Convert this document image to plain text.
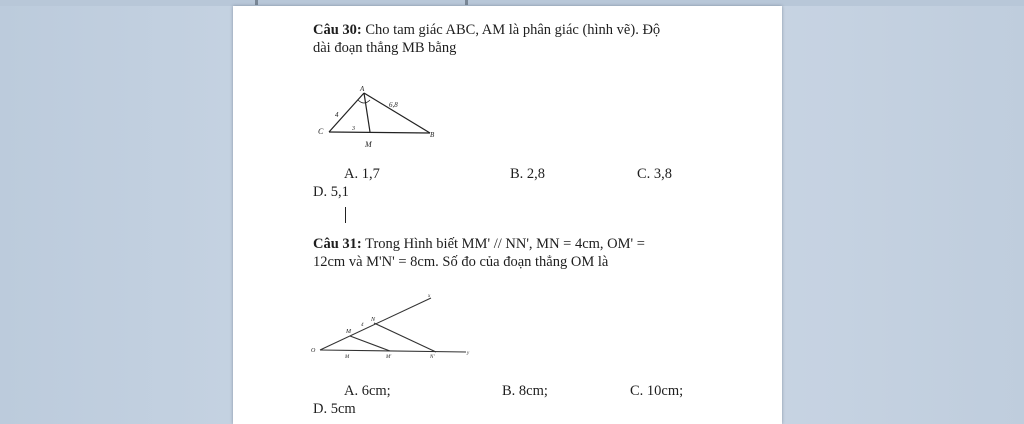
Câu 30: Cho tam giác ABC, AM là phân giác (hình vẽ). Độ
dài đoạn thẳng MB bằng
A
6,8
4
C	3
B
M
A. 1,7	B. 2,8	C. 3,8
D. 5,1
Câu 31: Trong Hình biết MM' // NN', MN = 4cm, OM' =
12cm và M'N' = 8cm. Số đo của đoạn thẳng OM là
O
x
M
N
4
y
M	M'	N'
A. 6cm;	B. 8cm;	C. 10cm;
D. 5cm
